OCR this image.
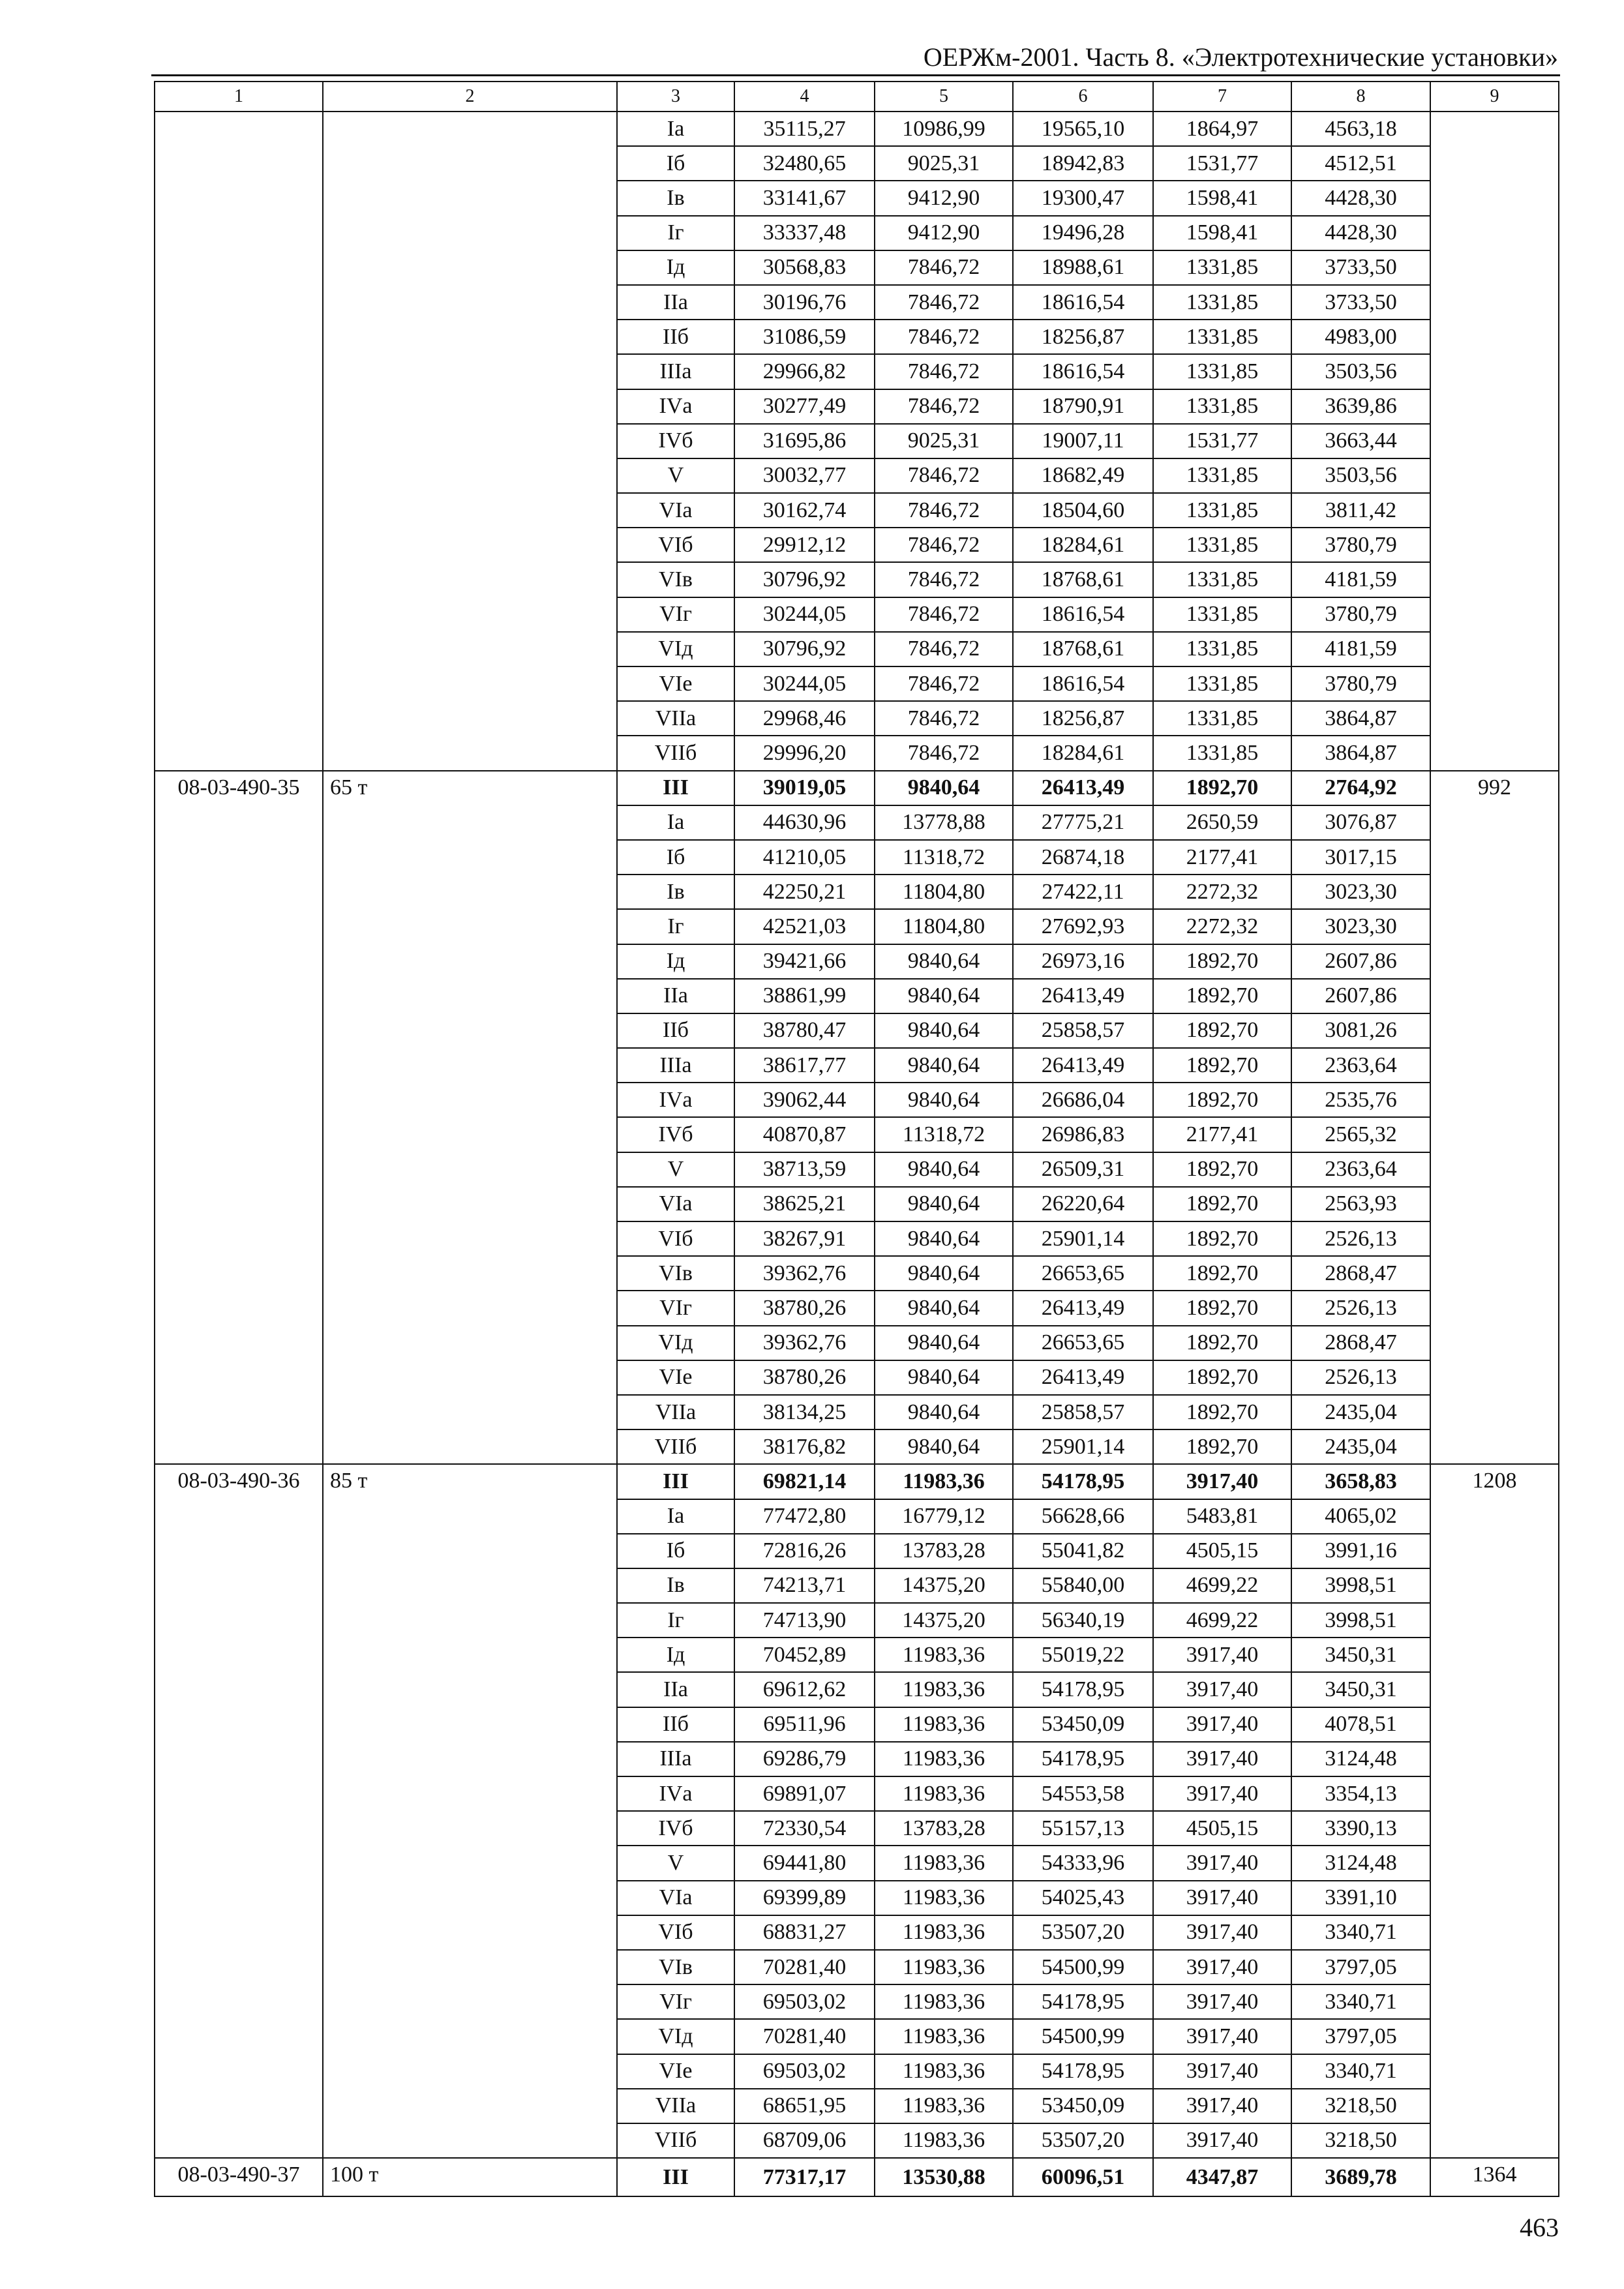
ОЕРЖм-2001. Часть 8. «Электротехнические установки»
1	2	3	4	5	6	7	8	9
		Iа	35115,27	10986,99	19565,10	1864,97	4563,18	
		Iб	32480,65	9025,31	18942,83	1531,77	4512,51	
		Iв	33141,67	9412,90	19300,47	1598,41	4428,30	
		Iг	33337,48	9412,90	19496,28	1598,41	4428,30	
		Iд	30568,83	7846,72	18988,61	1331,85	3733,50	
		IIа	30196,76	7846,72	18616,54	1331,85	3733,50	
		IIб	31086,59	7846,72	18256,87	1331,85	4983,00	
		IIIа	29966,82	7846,72	18616,54	1331,85	3503,56	
		IVа	30277,49	7846,72	18790,91	1331,85	3639,86	
		IVб	31695,86	9025,31	19007,11	1531,77	3663,44	
		V	30032,77	7846,72	18682,49	1331,85	3503,56	
		VIа	30162,74	7846,72	18504,60	1331,85	3811,42	
		VIб	29912,12	7846,72	18284,61	1331,85	3780,79	
		VIв	30796,92	7846,72	18768,61	1331,85	4181,59	
		VIг	30244,05	7846,72	18616,54	1331,85	3780,79	
		VIд	30796,92	7846,72	18768,61	1331,85	4181,59	
		VIе	30244,05	7846,72	18616,54	1331,85	3780,79	
		VIIа	29968,46	7846,72	18256,87	1331,85	3864,87	
		VIIб	29996,20	7846,72	18284,61	1331,85	3864,87	
08-03-490-35	65 т	III	39019,05	9840,64	26413,49	1892,70	2764,92	992
		Iа	44630,96	13778,88	27775,21	2650,59	3076,87	
		Iб	41210,05	11318,72	26874,18	2177,41	3017,15	
		Iв	42250,21	11804,80	27422,11	2272,32	3023,30	
		Iг	42521,03	11804,80	27692,93	2272,32	3023,30	
		Iд	39421,66	9840,64	26973,16	1892,70	2607,86	
		IIа	38861,99	9840,64	26413,49	1892,70	2607,86	
		IIб	38780,47	9840,64	25858,57	1892,70	3081,26	
		IIIа	38617,77	9840,64	26413,49	1892,70	2363,64	
		IVа	39062,44	9840,64	26686,04	1892,70	2535,76	
		IVб	40870,87	11318,72	26986,83	2177,41	2565,32	
		V	38713,59	9840,64	26509,31	1892,70	2363,64	
		VIа	38625,21	9840,64	26220,64	1892,70	2563,93	
		VIб	38267,91	9840,64	25901,14	1892,70	2526,13	
		VIв	39362,76	9840,64	26653,65	1892,70	2868,47	
		VIг	38780,26	9840,64	26413,49	1892,70	2526,13	
		VIд	39362,76	9840,64	26653,65	1892,70	2868,47	
		VIе	38780,26	9840,64	26413,49	1892,70	2526,13	
		VIIа	38134,25	9840,64	25858,57	1892,70	2435,04	
		VIIб	38176,82	9840,64	25901,14	1892,70	2435,04	
08-03-490-36	85 т	III	69821,14	11983,36	54178,95	3917,40	3658,83	1208
		Iа	77472,80	16779,12	56628,66	5483,81	4065,02	
		Iб	72816,26	13783,28	55041,82	4505,15	3991,16	
		Iв	74213,71	14375,20	55840,00	4699,22	3998,51	
		Iг	74713,90	14375,20	56340,19	4699,22	3998,51	
		Iд	70452,89	11983,36	55019,22	3917,40	3450,31	
		IIа	69612,62	11983,36	54178,95	3917,40	3450,31	
		IIб	69511,96	11983,36	53450,09	3917,40	4078,51	
		IIIа	69286,79	11983,36	54178,95	3917,40	3124,48	
		IVа	69891,07	11983,36	54553,58	3917,40	3354,13	
		IVб	72330,54	13783,28	55157,13	4505,15	3390,13	
		V	69441,80	11983,36	54333,96	3917,40	3124,48	
		VIа	69399,89	11983,36	54025,43	3917,40	3391,10	
		VIб	68831,27	11983,36	53507,20	3917,40	3340,71	
		VIв	70281,40	11983,36	54500,99	3917,40	3797,05	
		VIг	69503,02	11983,36	54178,95	3917,40	3340,71	
		VIд	70281,40	11983,36	54500,99	3917,40	3797,05	
		VIе	69503,02	11983,36	54178,95	3917,40	3340,71	
		VIIа	68651,95	11983,36	53450,09	3917,40	3218,50	
		VIIб	68709,06	11983,36	53507,20	3917,40	3218,50	
08-03-490-37	100 т	III	77317,17	13530,88	60096,51	4347,87	3689,78	1364
463
